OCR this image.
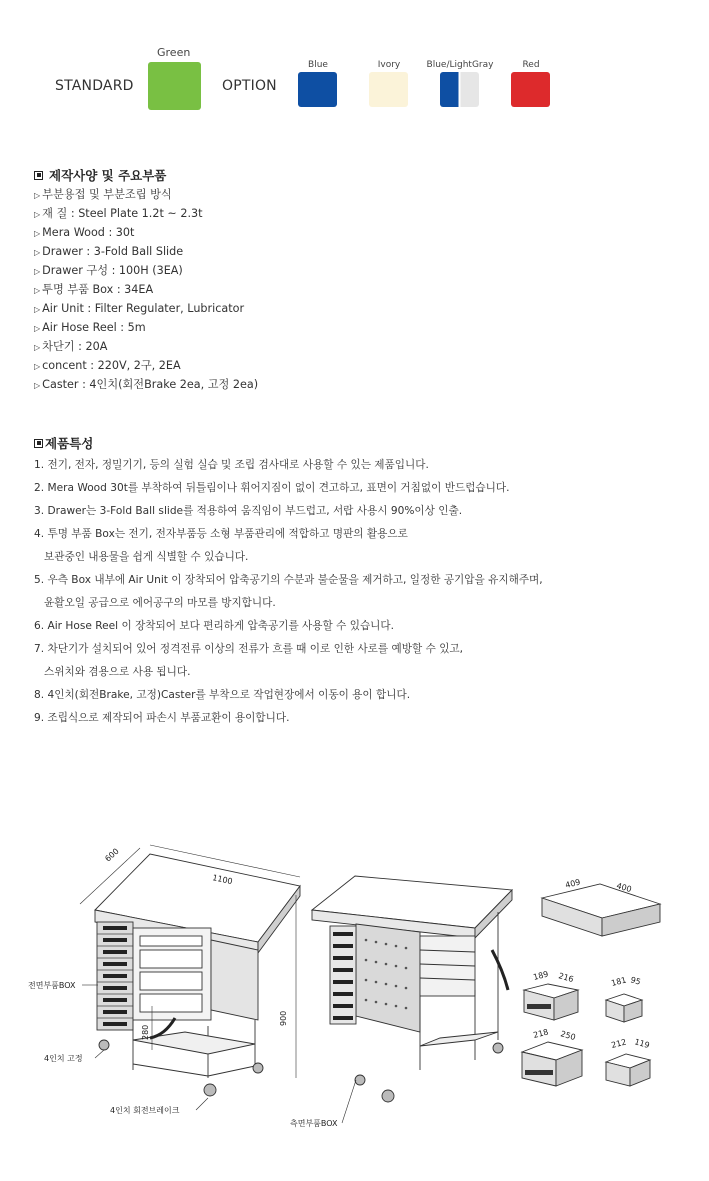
STANDARD
Green
OPTION
Blue	Ivory	Blue/LightGray	Red
제작사양 및 주요부품
▷ 부분용접 및 부분조립 방식
▷ 재 질 : Steel Plate 1.2t ~ 2.3t
▷ Mera Wood : 30t
▷ Drawer : 3-Fold Ball Slide
▷ Drawer 구성 : 100H (3EA)
▷ 투명 부품 Box : 34EA
▷ Air Unit : Filter Regulater, Lubricator
▷ Air Hose Reel : 5m
▷ 차단기 : 20A
▷ concent : 220V, 2구, 2EA
▷ Caster : 4인치(회전Brake 2ea, 고정 2ea)
제품특성
1. 전기, 전자, 정밀기기, 등의 실험 실습 및 조립 검사대로 사용할 수 있는 제품입니다.
2. Mera Wood 30t를 부착하여 뒤틀림이나 휘어지짐이 없이 견고하고, 표면이 거침없이 반드럽습니다.
3. Drawer는 3-Fold Ball slide를 적용하여 움직임이 부드럽고, 서랍 사용시 90%이상 인출.
4. 투명 부품 Box는 전기, 전자부품등 소형 부품관리에 적합하고 명판의 활용으로
보관중인 내용물을 쉽게 식별할 수 있습니다.
5. 우측 Box 내부에 Air Unit 이 장착되어 압축공기의 수분과 불순물을 제거하고, 일정한 공기압을 유지해주며,
윤활오일 공급으로 에어공구의 마모를 방지합니다.
6. Air Hose Reel 이 장착되어 보다 편리하게 압축공기를 사용할 수 있습니다.
7. 차단기가 설치되어 있어 정격전류 이상의 전류가 흐를 때 이로 인한 사로를 예방할 수 있고,
스위치와 겸용으로 사용 됩니다.
8. 4인치(회전Brake, 고정)Caster를 부착으로 작업현장에서 이동이 용이 합니다.
9. 조립식으로 제작되어 파손시 부품교환이 용이합니다.
600
1100
900
280
전면부품BOX
4인치 고정
4인치 회전브레이크
측면부품BOX
409	400
189 216	181 95
218 250
212 119
